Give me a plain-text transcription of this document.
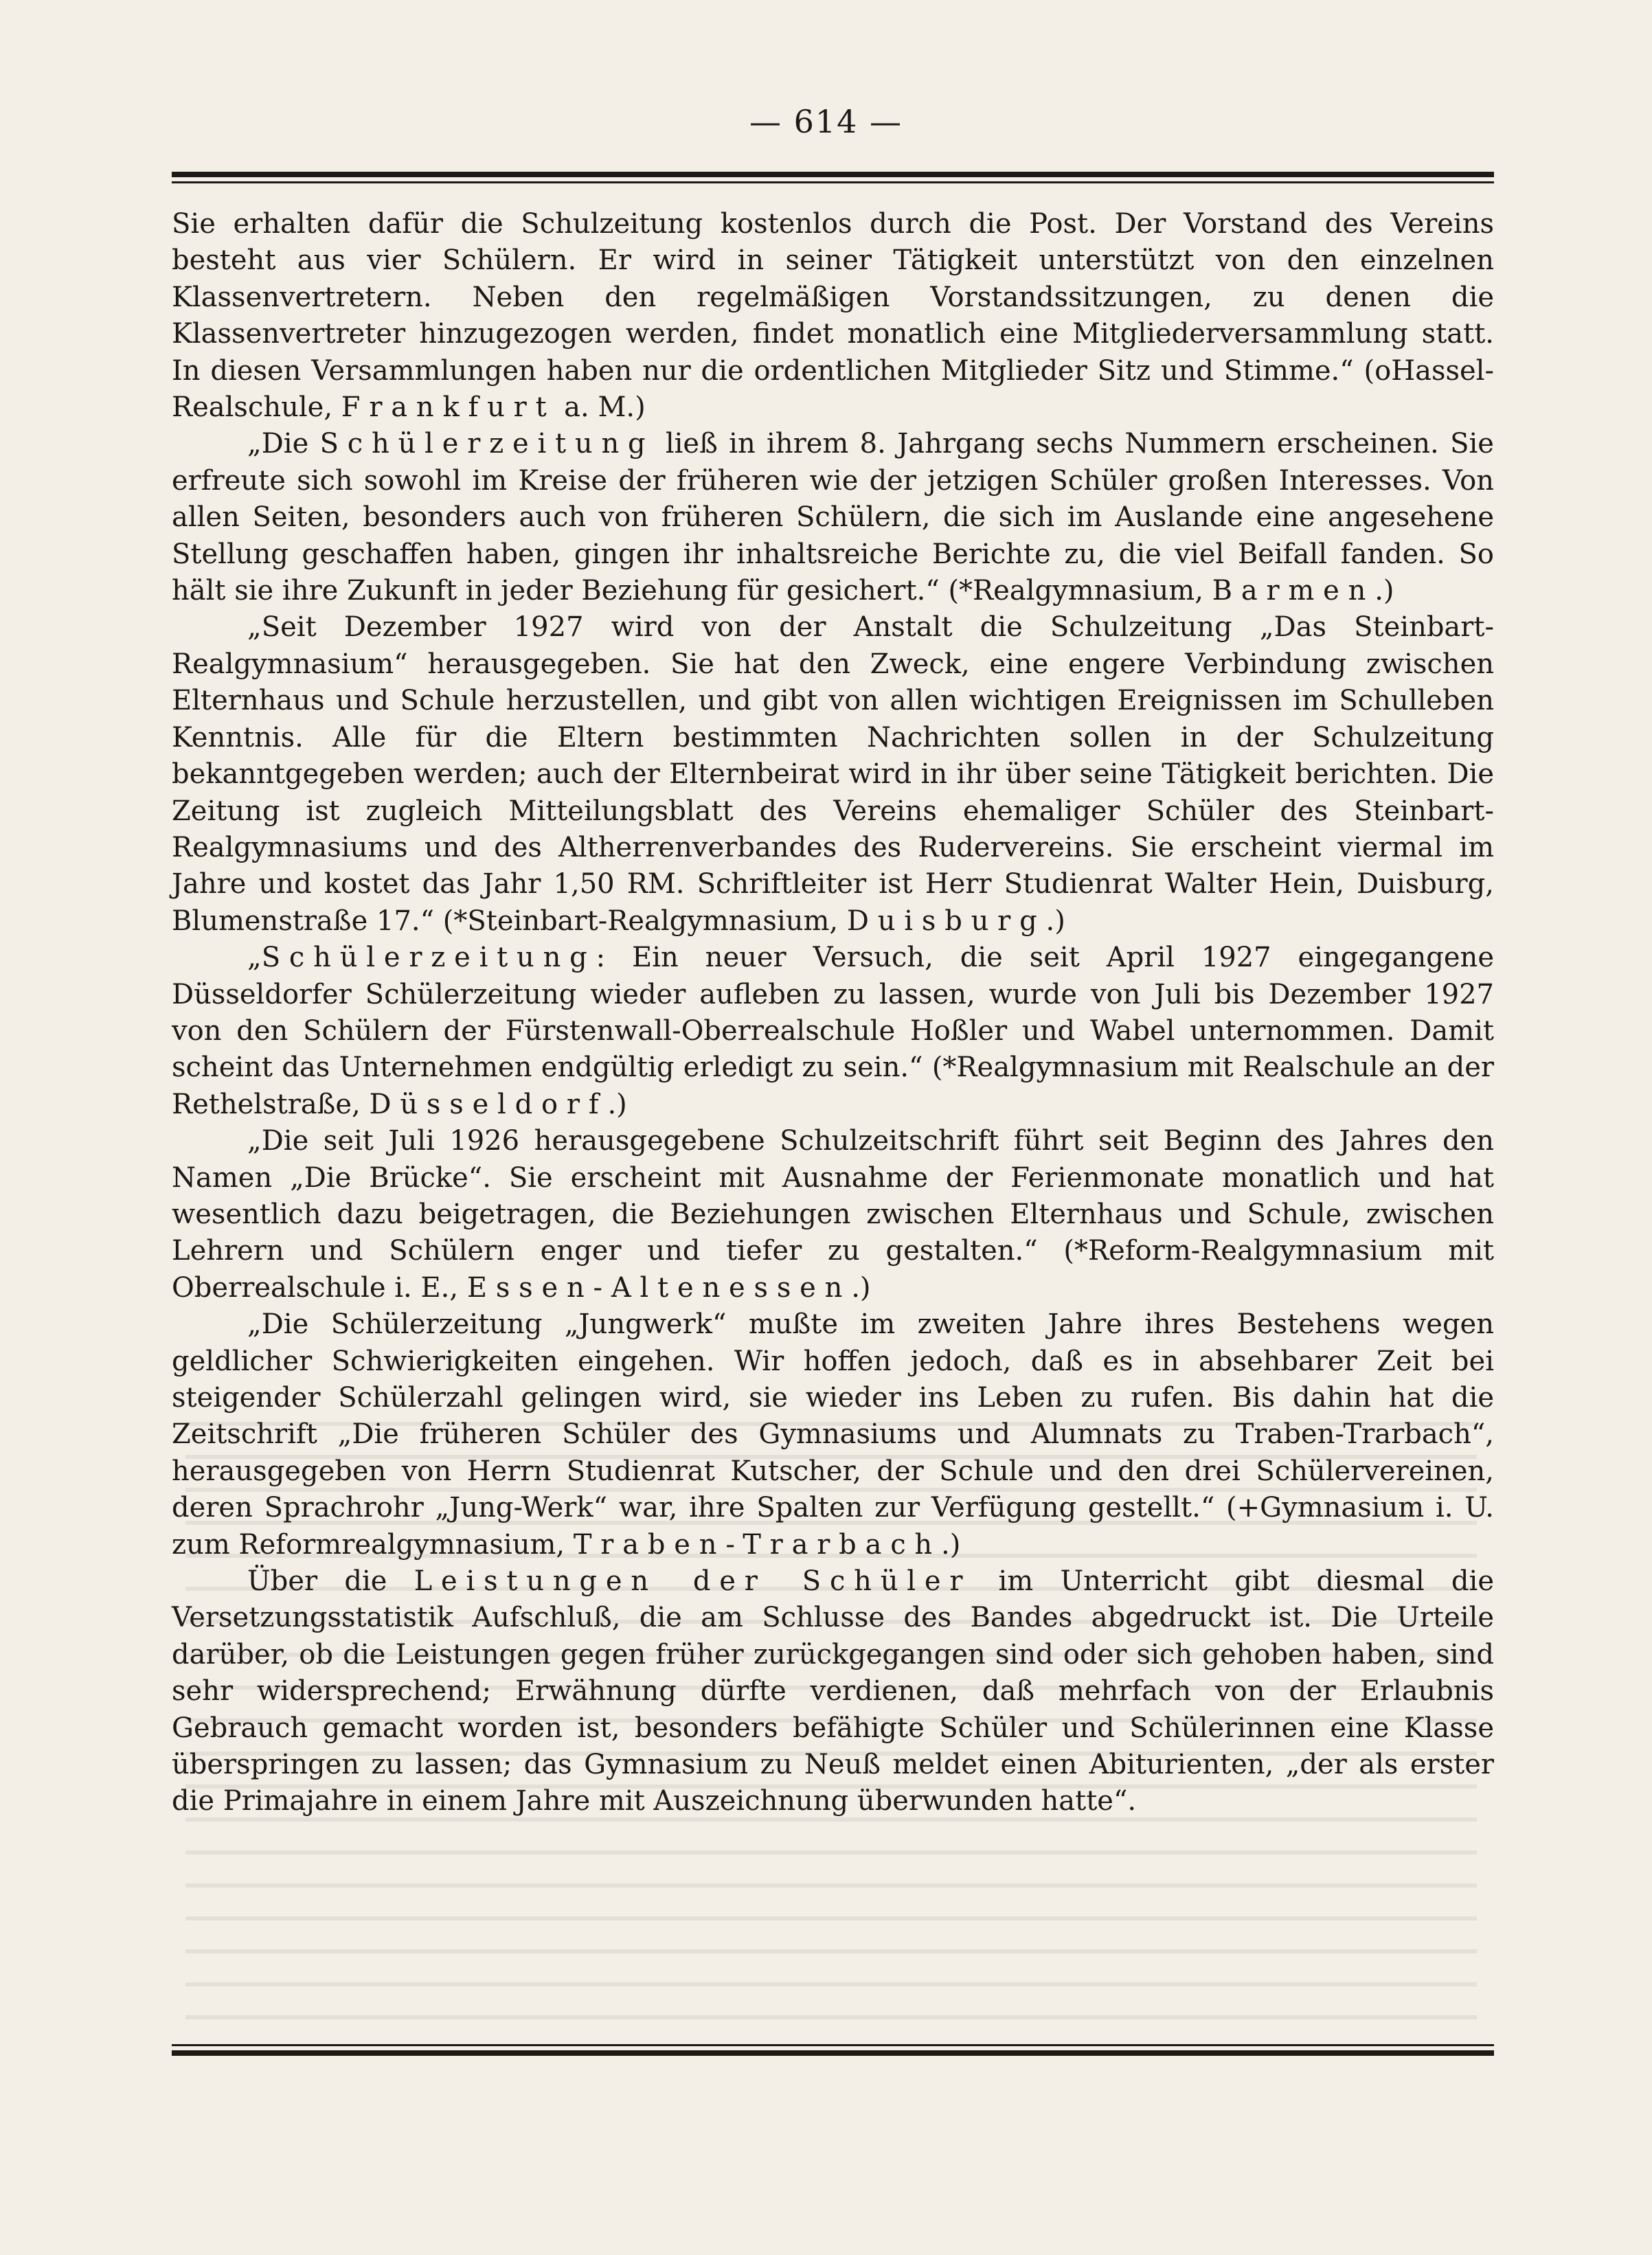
— 614 —

Sie erhalten dafür die Schulzeitung kostenlos durch die Post. Der Vorstand des Vereins besteht aus vier Schülern. Er wird in seiner Tätigkeit unterstützt von den einzelnen Klassenvertretern. Neben den regelmäßigen Vorstandssitzungen, zu denen die Klassenvertreter hinzugezogen werden, findet monatlich eine Mitgliederversammlung statt. In diesen Versammlungen haben nur die ordentlichen Mitglieder Sitz und Stimme.“ (oHassel-Realschule, Frankfurt a. M.)

„Die Schülerzeitung ließ in ihrem 8. Jahrgang sechs Nummern erscheinen. Sie erfreute sich sowohl im Kreise der früheren wie der jetzigen Schüler großen Interesses. Von allen Seiten, besonders auch von früheren Schülern, die sich im Auslande eine angesehene Stellung geschaffen haben, gingen ihr inhaltsreiche Berichte zu, die viel Beifall fanden. So hält sie ihre Zukunft in jeder Beziehung für gesichert.“ (*Realgymnasium, Barmen.)

„Seit Dezember 1927 wird von der Anstalt die Schulzeitung „Das Steinbart-Realgymnasium“ herausgegeben. Sie hat den Zweck, eine engere Verbindung zwischen Elternhaus und Schule herzustellen, und gibt von allen wichtigen Ereignissen im Schulleben Kenntnis. Alle für die Eltern bestimmten Nachrichten sollen in der Schulzeitung bekanntgegeben werden; auch der Elternbeirat wird in ihr über seine Tätigkeit berichten. Die Zeitung ist zugleich Mitteilungsblatt des Vereins ehemaliger Schüler des Steinbart-Realgymnasiums und des Altherrenverbandes des Rudervereins. Sie erscheint viermal im Jahre und kostet das Jahr 1,50 RM. Schriftleiter ist Herr Studienrat Walter Hein, Duisburg, Blumenstraße 17.“ (*Steinbart-Realgymnasium, Duisburg.)

„Schülerzeitung: Ein neuer Versuch, die seit April 1927 eingegangene Düsseldorfer Schülerzeitung wieder aufleben zu lassen, wurde von Juli bis Dezember 1927 von den Schülern der Fürstenwall-Oberrealschule Hoßler und Wabel unternommen. Damit scheint das Unternehmen endgültig erledigt zu sein.“ (*Realgymnasium mit Realschule an der Rethelstraße, Düsseldorf.)

„Die seit Juli 1926 herausgegebene Schulzeitschrift führt seit Beginn des Jahres den Namen „Die Brücke“. Sie erscheint mit Ausnahme der Ferienmonate monatlich und hat wesentlich dazu beigetragen, die Beziehungen zwischen Elternhaus und Schule, zwischen Lehrern und Schülern enger und tiefer zu gestalten.“ (*Reform-Realgymnasium mit Oberrealschule i. E., Essen-Altenessen.)

„Die Schülerzeitung „Jungwerk“ mußte im zweiten Jahre ihres Bestehens wegen geldlicher Schwierigkeiten eingehen. Wir hoffen jedoch, daß es in absehbarer Zeit bei steigender Schülerzahl gelingen wird, sie wieder ins Leben zu rufen. Bis dahin hat die Zeitschrift „Die früheren Schüler des Gymnasiums und Alumnats zu Traben-Trarbach“, herausgegeben von Herrn Studienrat Kutscher, der Schule und den drei Schülervereinen, deren Sprachrohr „Jung-Werk“ war, ihre Spalten zur Verfügung gestellt.“ (+Gymnasium i. U. zum Reformrealgymnasium, Traben-Trarbach.)

Über die Leistungen der Schüler im Unterricht gibt diesmal die Versetzungsstatistik Aufschluß, die am Schlusse des Bandes abgedruckt ist. Die Urteile darüber, ob die Leistungen gegen früher zurückgegangen sind oder sich gehoben haben, sind sehr widersprechend; Erwähnung dürfte verdienen, daß mehrfach von der Erlaubnis Gebrauch gemacht worden ist, besonders befähigte Schüler und Schülerinnen eine Klasse überspringen zu lassen; das Gymnasium zu Neuß meldet einen Abiturienten, „der als erster die Primajahre in einem Jahre mit Auszeichnung überwunden hatte“.
